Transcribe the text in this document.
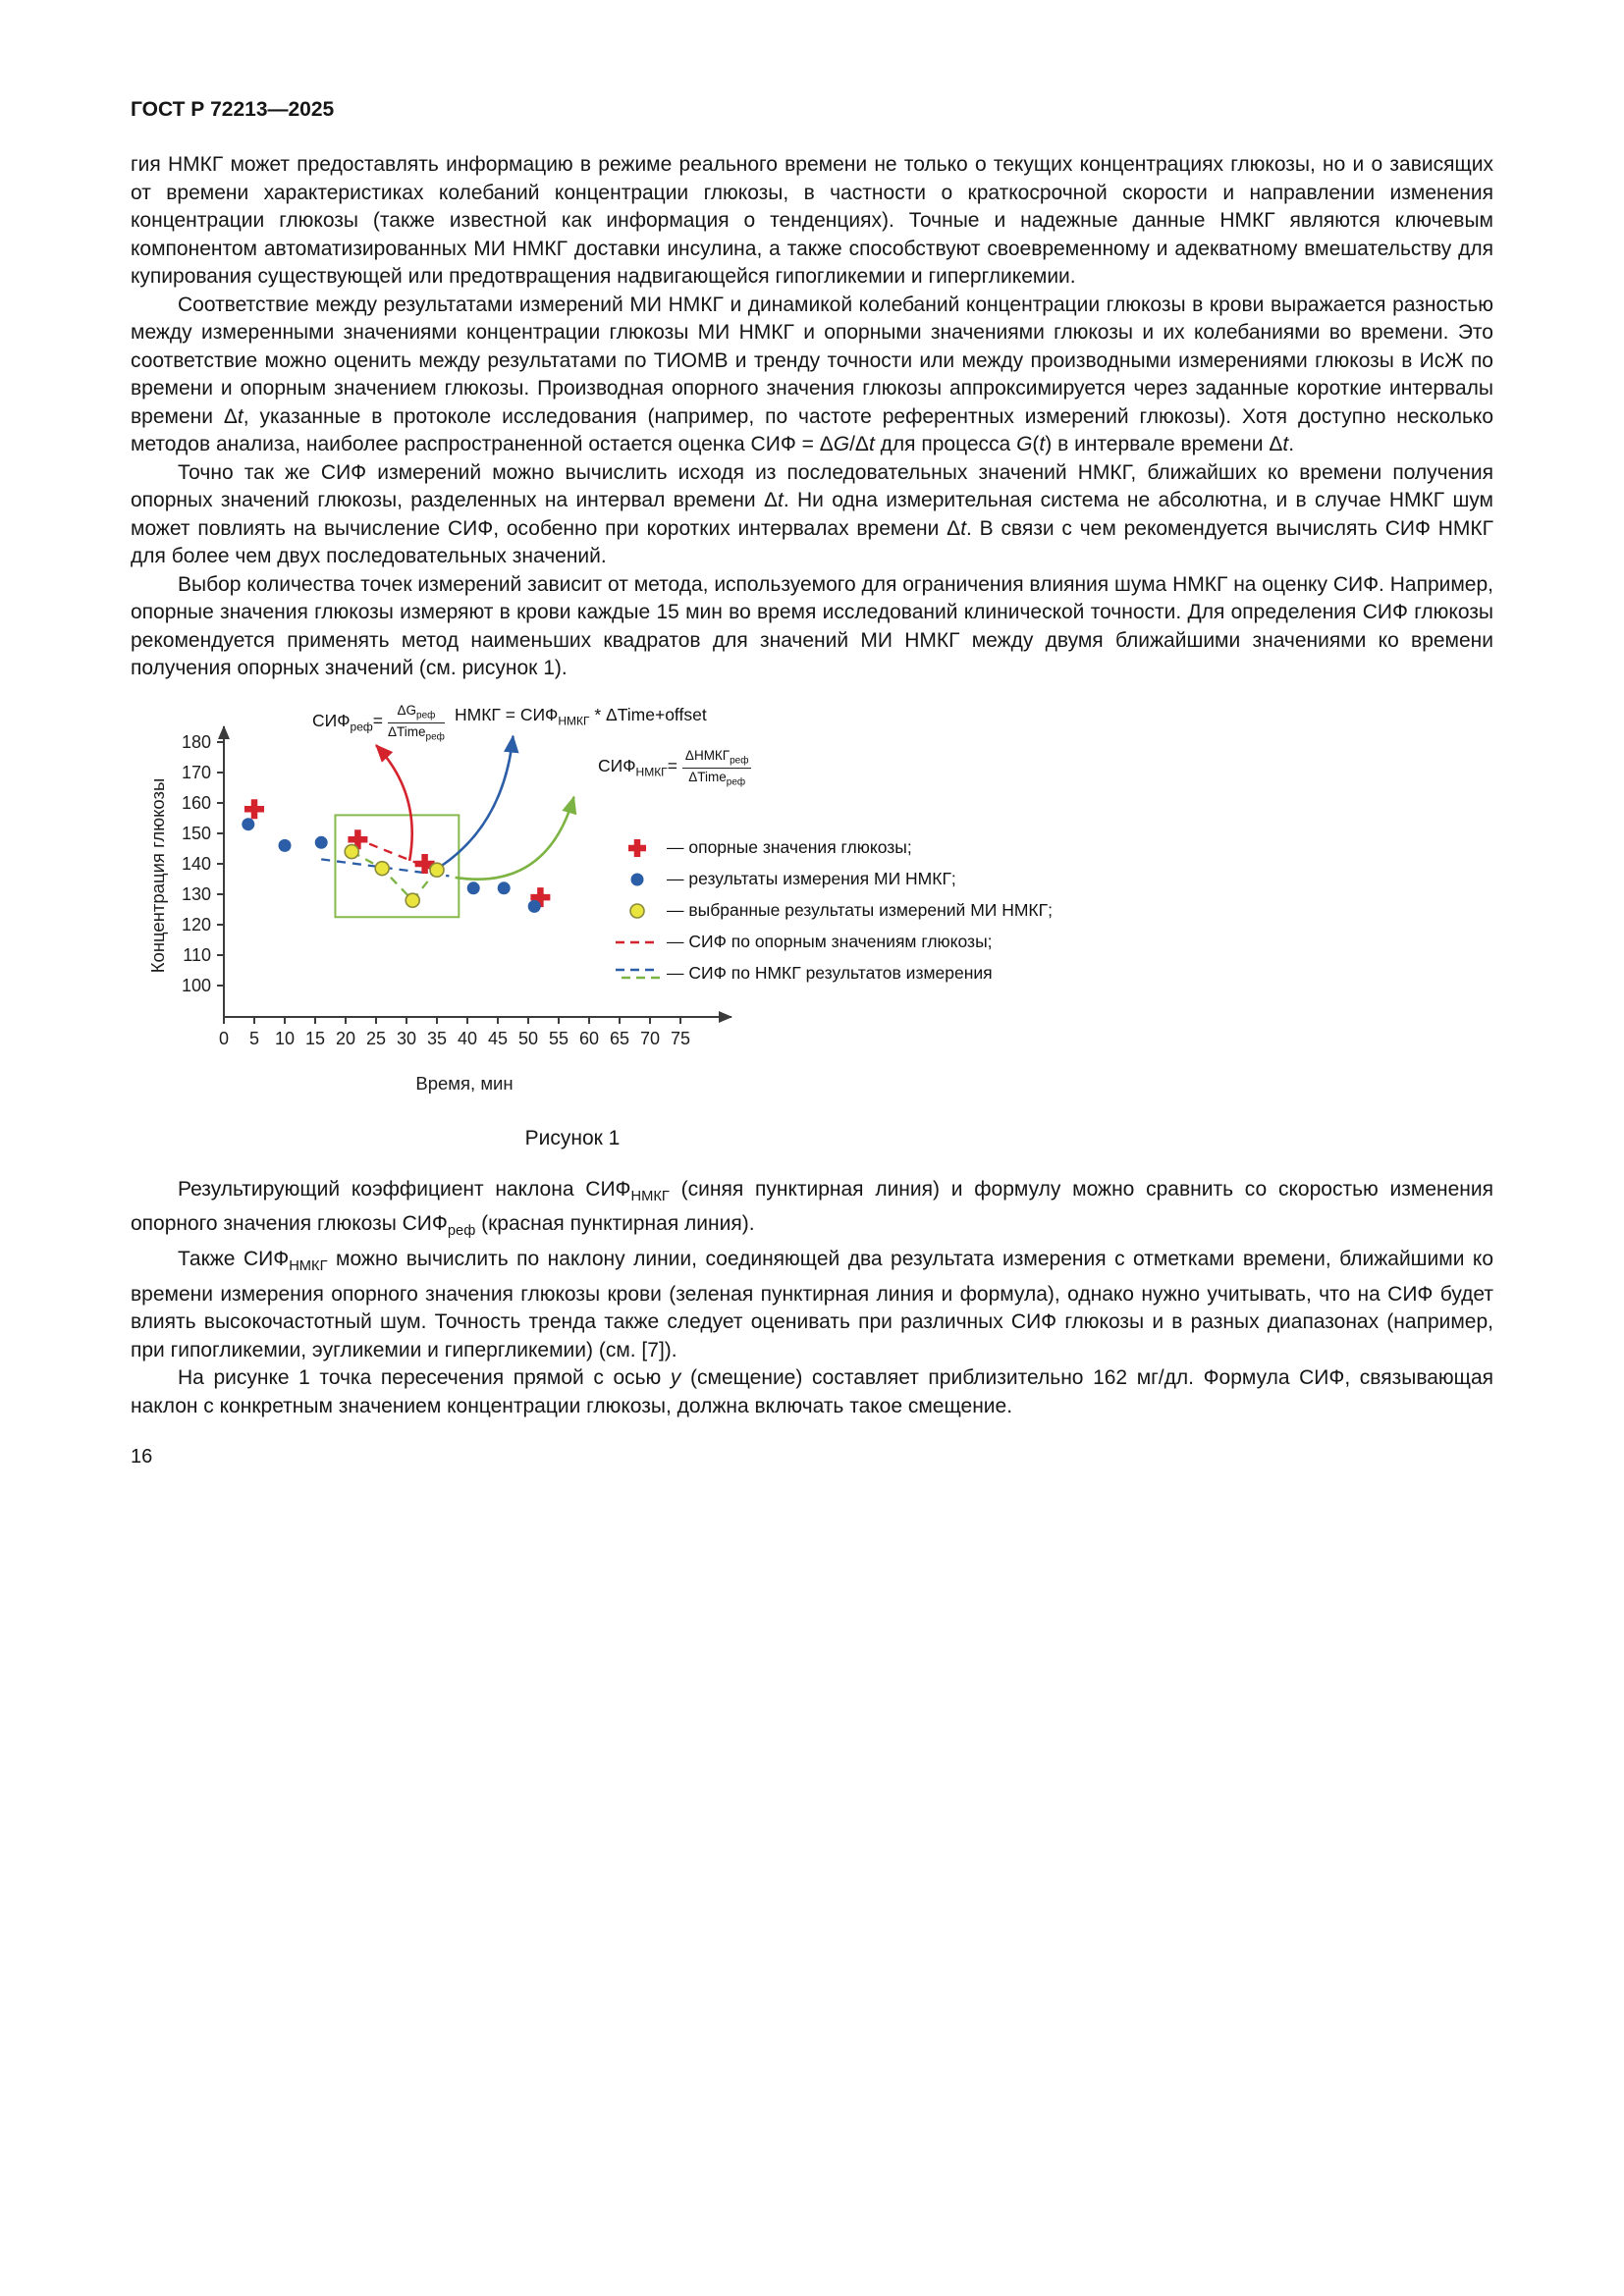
ГОСТ Р 72213—2025

гия НМКГ может предоставлять информацию в режиме реального времени не только о текущих концентрациях глюкозы, но и о зависящих от времени характеристиках колебаний концентрации глюкозы, в частности о краткосрочной скорости и направлении изменения концентрации глюкозы (также известной как информация о тенденциях). Точные и надежные данные НМКГ являются ключевым компонентом автоматизированных МИ НМКГ доставки инсулина, а также способствуют своевременному и адекватному вмешательству для купирования существующей или предотвращения надвигающейся гипогликемии и гипергликемии.

Соответствие между результатами измерений МИ НМКГ и динамикой колебаний концентрации глюкозы в крови выражается разностью между измеренными значениями концентрации глюкозы МИ НМКГ и опорными значениями глюкозы и их колебаниями во времени. Это соответствие можно оценить между результатами по ТИОМВ и тренду точности или между производными измерениями глюкозы в ИсЖ по времени и опорным значением глюкозы. Производная опорного значения глюкозы аппроксимируется через заданные короткие интервалы времени Δt, указанные в протоколе исследования (например, по частоте референтных измерений глюкозы). Хотя доступно несколько методов анализа, наиболее распространенной остается оценка СИФ = ΔG/Δt для процесса G(t) в интервале времени Δt.

Точно так же СИФ измерений можно вычислить исходя из последовательных значений НМКГ, ближайших ко времени получения опорных значений глюкозы, разделенных на интервал времени Δt. Ни одна измерительная система не абсолютна, и в случае НМКГ шум может повлиять на вычисление СИФ, особенно при коротких интервалах времени Δt. В связи с чем рекомендуется вычислять СИФ НМКГ для более чем двух последовательных значений.

Выбор количества точек измерений зависит от метода, используемого для ограничения влияния шума НМКГ на оценку СИФ. Например, опорные значения глюкозы измеряют в крови каждые 15 мин во время исследований клинической точности. Для определения СИФ глюкозы рекомендуется применять метод наименьших квадратов для значений МИ НМКГ между двумя ближайшими значениями ко времени получения опорных значений (см. рисунок 1).

100
110
120
130
140
150
160
170
180
0 5 10 15 20 25 30 35 40 45 50 55 60 65 70 75
Концентрация глюкозы
Время, мин
$СИФ_{реф}= \frac{\Delta G_{реф}}{\Delta Time_{реф}}$ НМКГ = $СИФ_{НМКГ}$ * ΔTime+offset
$СИФ_{НМКГ}= \frac{\Delta НМКГ_{реф}}{\Delta Time_{реф}}$
— опорные значения глюкозы;
— результаты измерения МИ НМКГ;
— выбранные результаты измерений МИ НМКГ;
— СИФ по опорным значениям глюкозы;
— СИФ по НМКГ результатов измерения
Рисунок 1

Результирующий коэффициент наклона $СИФ_{НМКГ}$ (синяя пунктирная линия) и формулу можно сравнить со скоростью изменения опорного значения глюкозы $СИФ_{реф}$ (красная пунктирная линия).

Также $СИФ_{НМКГ}$ можно вычислить по наклону линии, соединяющей два результата измерения с отметками времени, ближайшими ко времени измерения опорного значения глюкозы крови (зеленая пунктирная линия и формула), однако нужно учитывать, что на СИФ будет влиять высокочастотный шум. Точность тренда также следует оценивать при различных СИФ глюкозы и в разных диапазонах (например, при гипогликемии, эугликемии и гипергликемии) (см. [7]).

На рисунке 1 точка пересечения прямой с осью y (смещение) составляет приблизительно 162 мг/дл. Формула СИФ, связывающая наклон с конкретным значением концентрации глюкозы, должна включать такое смещение.

16
